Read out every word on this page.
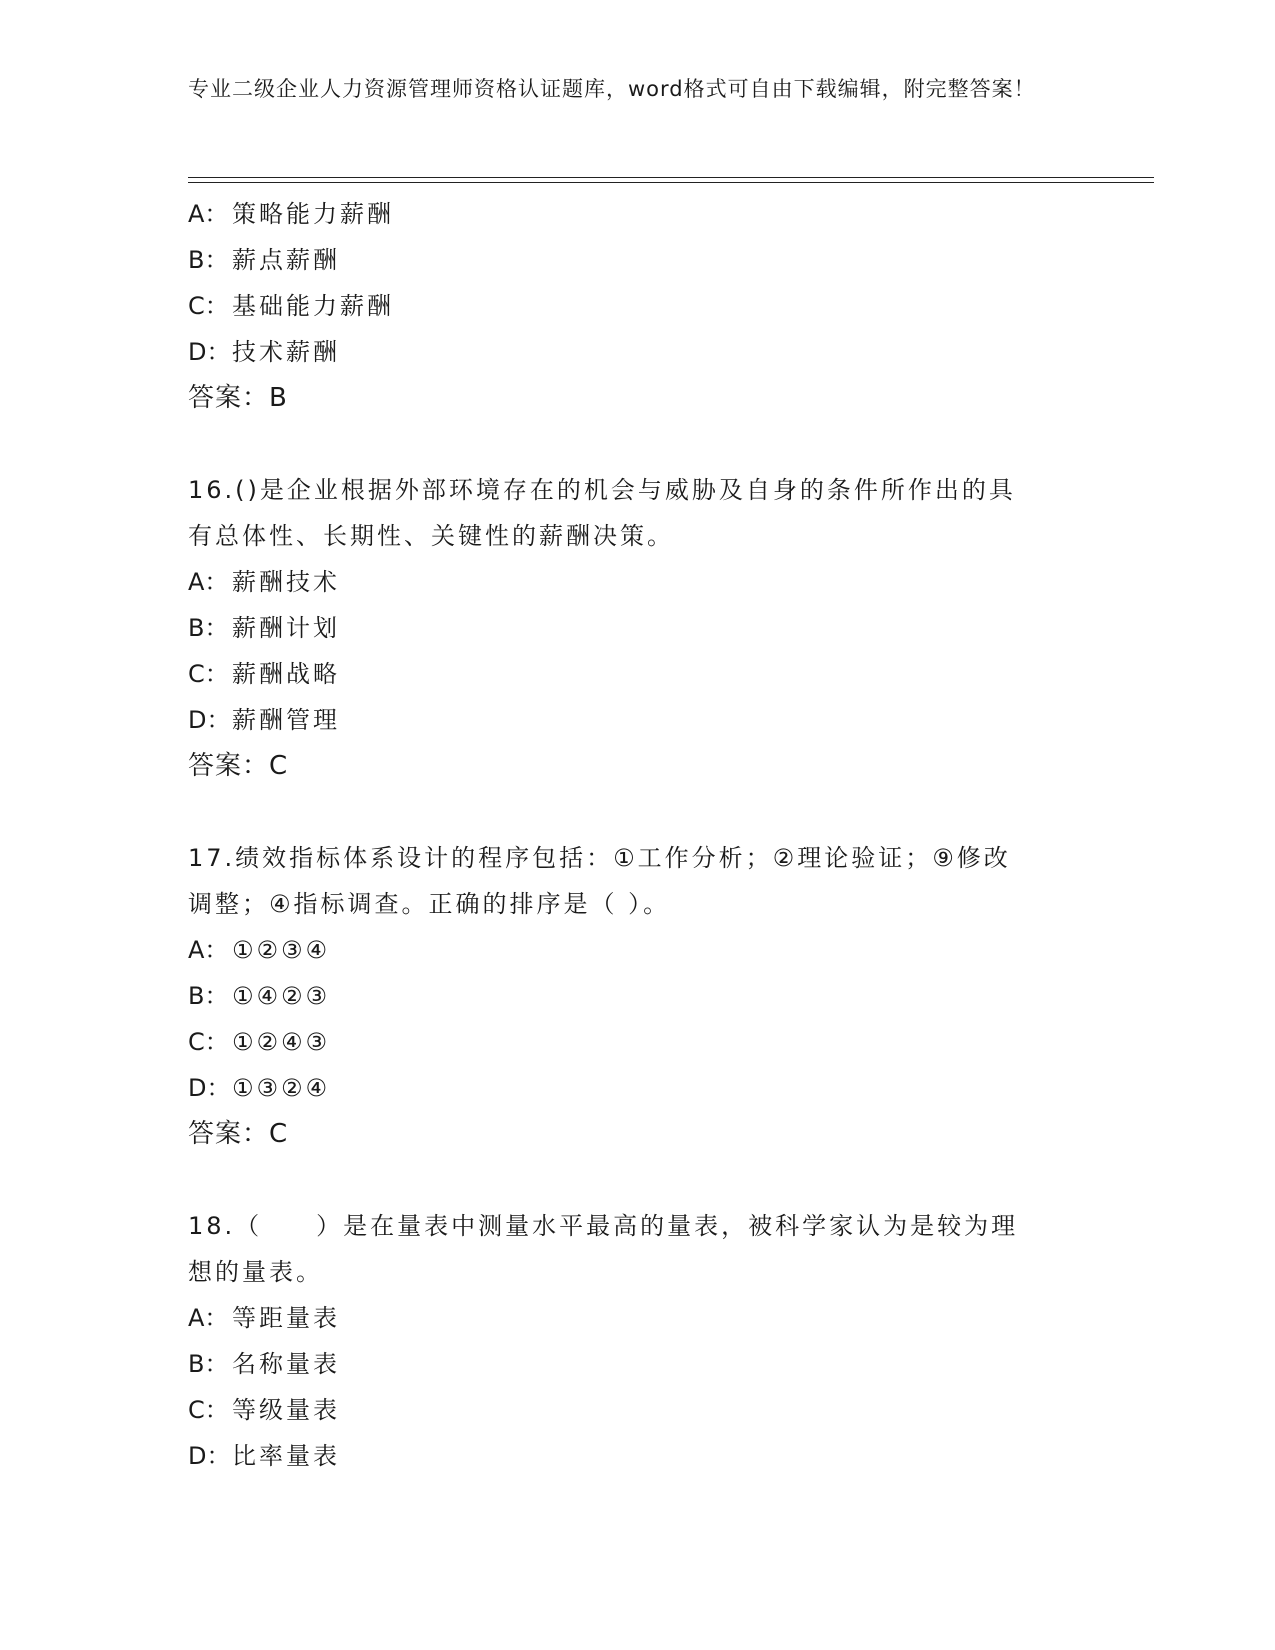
专业二级企业人力资源管理师资格认证题库，word格式可自由下载编辑，附完整答案！
A： 策略能力薪酬
B： 薪点薪酬
C： 基础能力薪酬
D： 技术薪酬
答案：B
16.()是企业根据外部环境存在的机会与威胁及自身的条件所作出的具
有总体性、长期性、关键性的薪酬决策。
A： 薪酬技术
B： 薪酬计划
C： 薪酬战略
D： 薪酬管理
答案：C
17.绩效指标体系设计的程序包括：①工作分析；②理论验证；⑨修改
调整；④指标调查。正确的排序是（ ）。
A： ①②③④
B： ①④②③
C： ①②④③
D： ①③②④
答案：C
18.（　　）是在量表中测量水平最高的量表，被科学家认为是较为理
想的量表。
A： 等距量表
B： 名称量表
C： 等级量表
D： 比率量表
